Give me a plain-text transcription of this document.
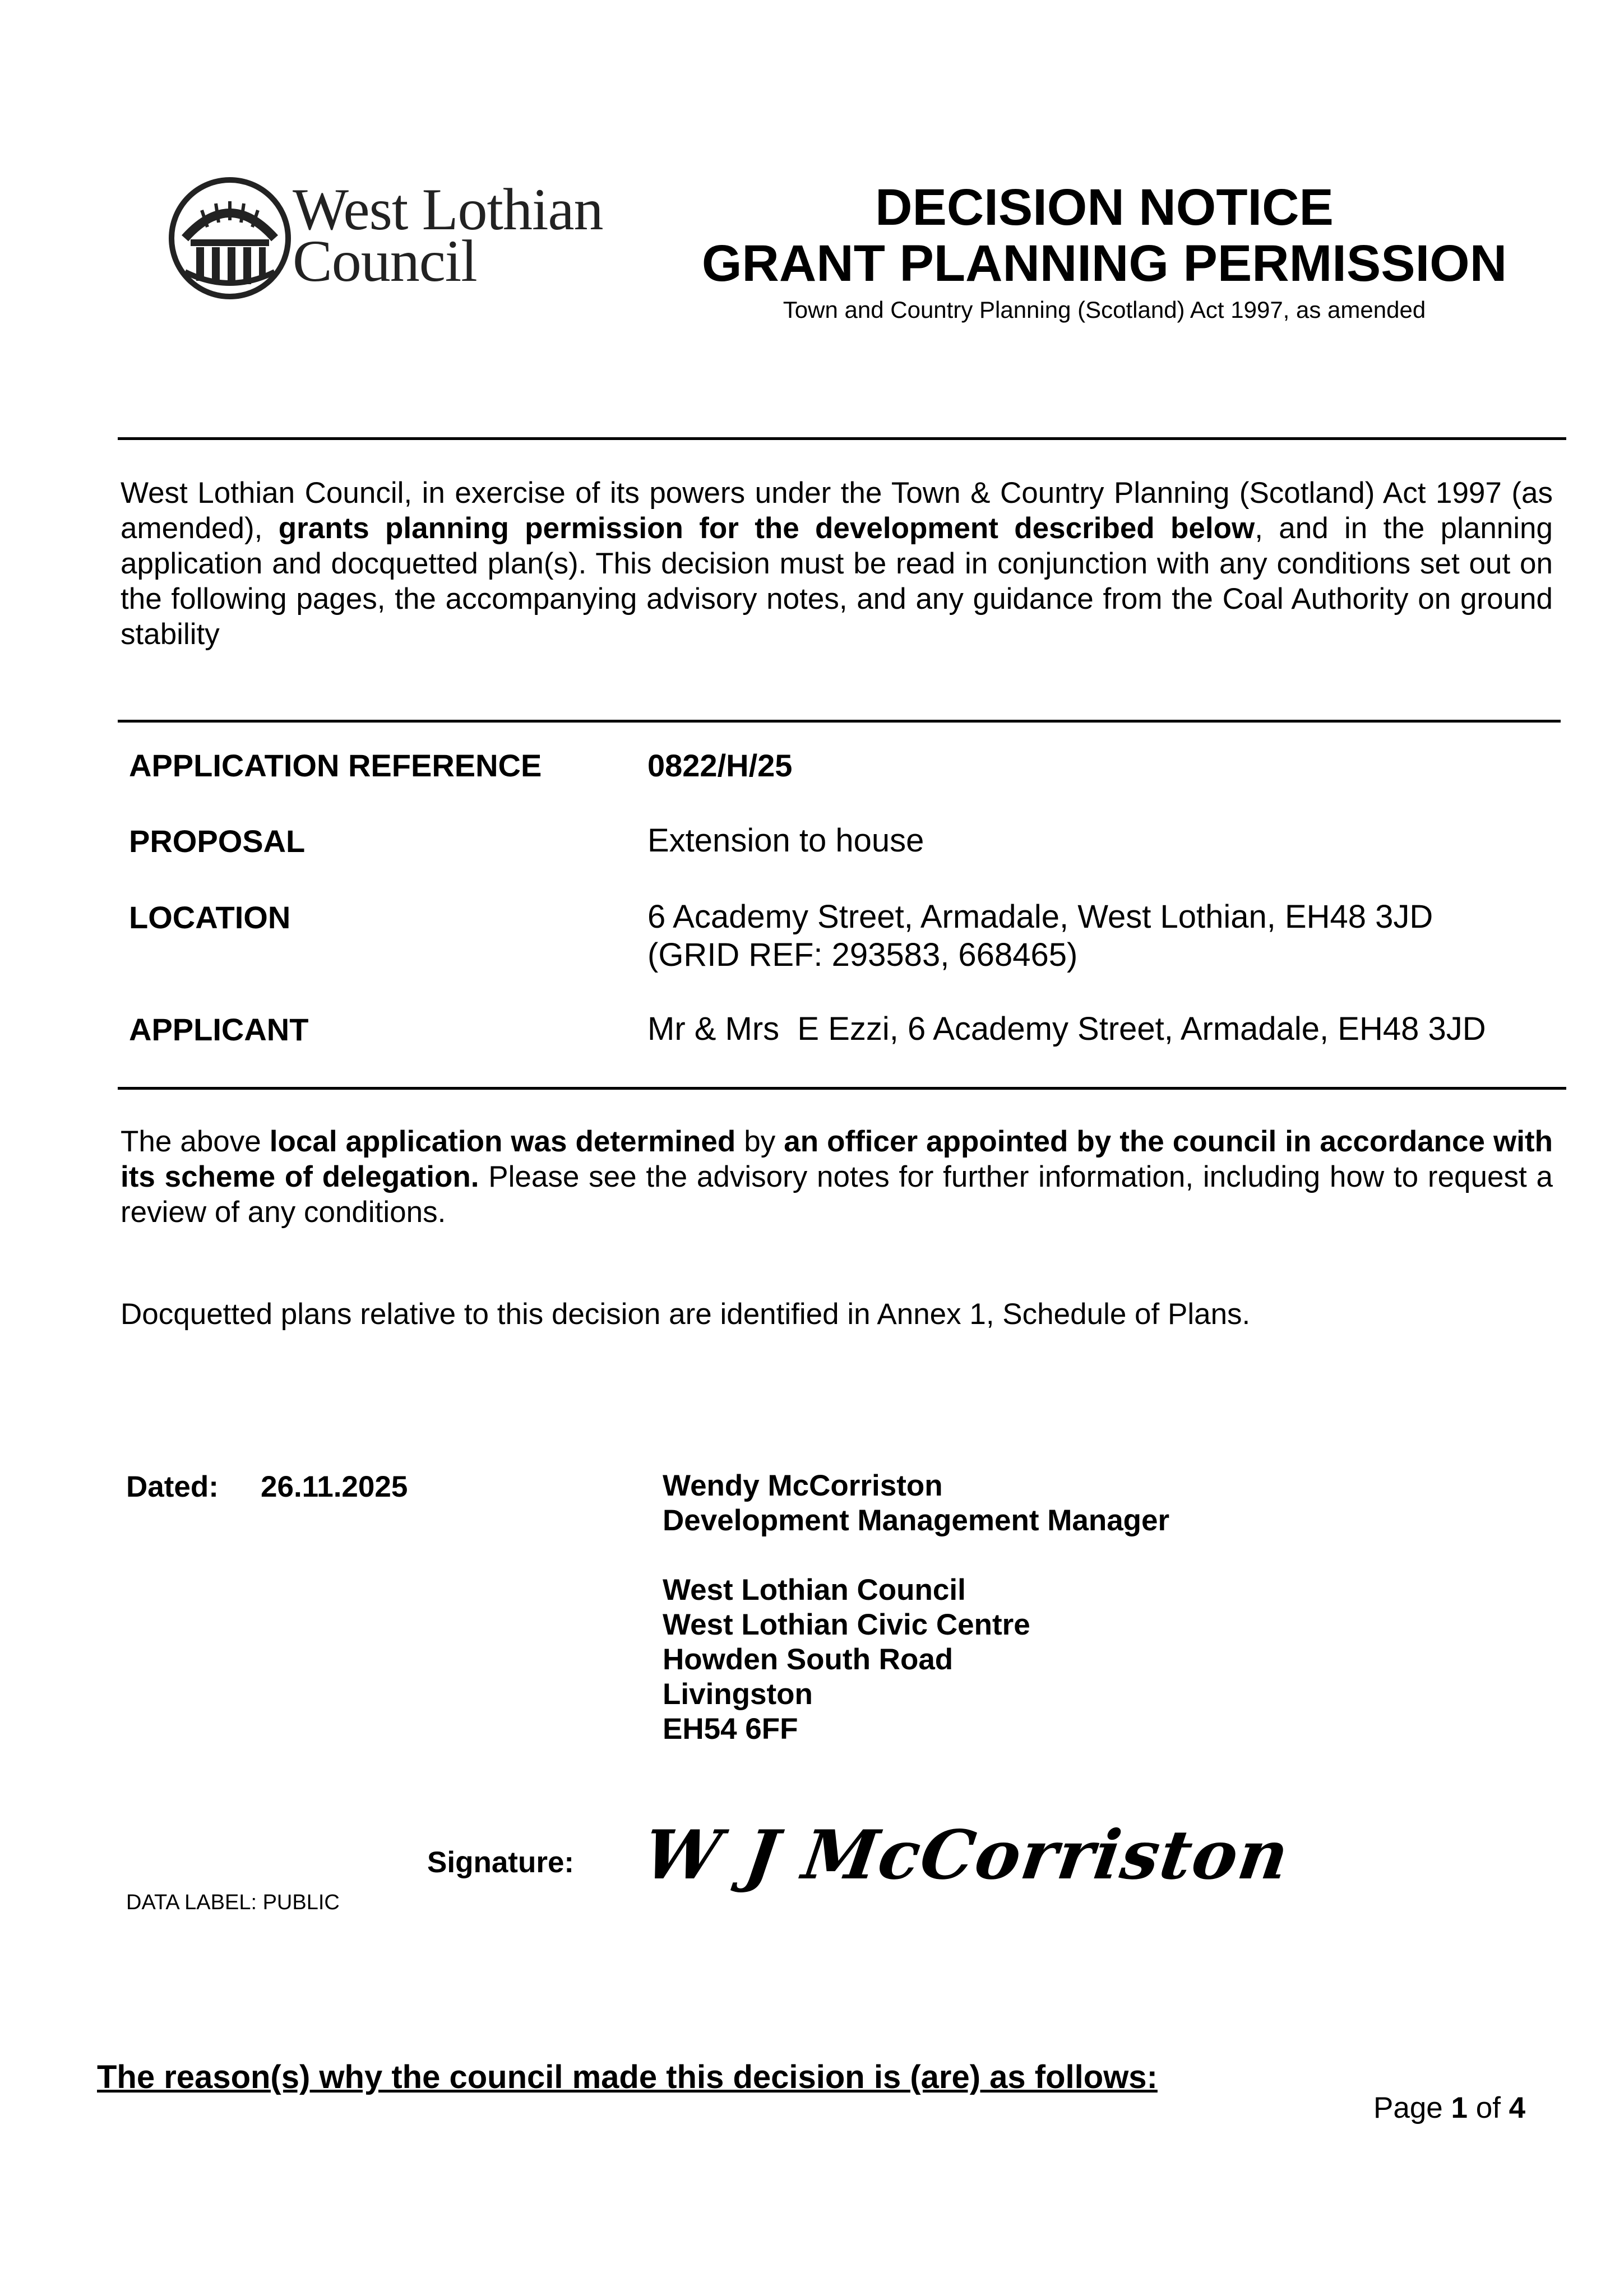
West Lothian
Council
DECISION NOTICE
GRANT PLANNING PERMISSION
Town and Country Planning (Scotland) Act 1997, as amended
West Lothian Council, in exercise of its powers under the Town & Country Planning (Scotland) Act 1997 (as amended), grants planning permission for the development described below, and in the planning application and docquetted plan(s). This decision must be read in conjunction with any conditions set out on the following pages, the accompanying advisory notes, and any guidance from the Coal Authority on ground stability
APPLICATION REFERENCE	0822/H/25
PROPOSAL	Extension to house
LOCATION	6 Academy Street, Armadale, West Lothian, EH48 3JD
(GRID REF: 293583, 668465)
APPLICANT	Mr & Mrs  E Ezzi, 6 Academy Street, Armadale, EH48 3JD
The above local application was determined by an officer appointed by the council in accordance with its scheme of delegation. Please see the advisory notes for further information, including how to request a review of any conditions.
Docquetted plans relative to this decision are identified in Annex 1, Schedule of Plans.
Dated: 26.11.2025	Wendy McCorriston
Development Management Manager
West Lothian Council
West Lothian Civic Centre
Howden South Road
Livingston
EH54 6FF
Signature: W J McCorriston
DATA LABEL: PUBLIC
The reason(s) why the council made this decision is (are) as follows:
Page 1 of 4
